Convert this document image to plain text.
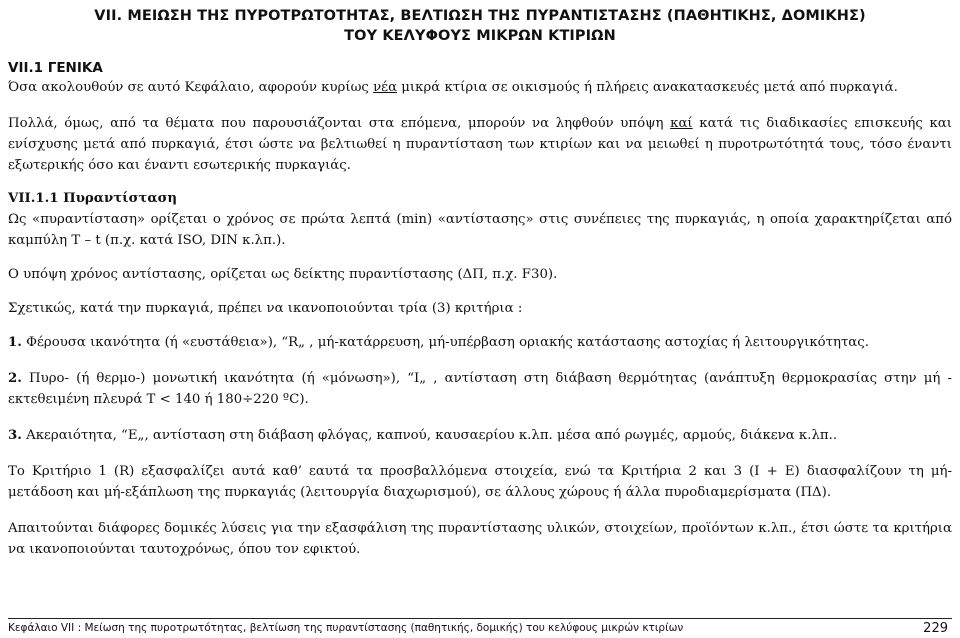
VII. ΜΕΙΩΣΗ ΤΗΣ ΠΥΡΟΤΡΩΤΟΤΗΤΑΣ, ΒΕΛΤΙΩΣΗ ΤΗΣ ΠΥΡΑΝΤΙΣΤΑΣΗΣ (ΠΑΘΗΤΙΚΗΣ, ΔΟΜΙΚΗΣ)
ΤΟΥ ΚΕΛΥΦΟΥΣ ΜΙΚΡΩΝ ΚΤΙΡΙΩΝ
VII.1 ΓΕΝΙΚΑ

Όσα ακολουθούν σε αυτό Κεφάλαιο, αφορούν κυρίως νέα μικρά κτίρια σε οικισμούς ή πλήρεις ανακατασκευές μετά από πυρκαγιά.

Πολλά, όμως, από τα θέματα που παρουσιάζονται στα επόμενα, μπορούν να ληφθούν υπόψη καί κατά τις διαδικασίες επισκευής και ενίσχυσης μετά από πυρκαγιά, έτσι ώστε να βελτιωθεί η πυραντίσταση των κτιρίων και να μειωθεί η πυροτρωτότητά τους, τόσο έναντι εξωτερικής όσο και έναντι εσωτερικής πυρκαγιάς.

VII.1.1 Πυραντίσταση

Ως «πυραντίσταση» ορίζεται ο χρόνος σε πρώτα λεπτά (min) «αντίστασης» στις συνέπειες της πυρκαγιάς, η οποία χαρακτηρίζεται από καμπύλη T – t (π.χ. κατά ISO, DIN κ.λπ.).

Ο υπόψη χρόνος αντίστασης, ορίζεται ως δείκτης πυραντίστασης (ΔΠ, π.χ. F30).

Σχετικώς, κατά την πυρκαγιά, πρέπει να ικανοποιούνται τρία (3) κριτήρια :

1. Φέρουσα ικανότητα (ή «ευστάθεια»), “R„ , μή-κατάρρευση, μή-υπέρβαση οριακής κατάστασης αστοχίας ή λειτουργικότητας.

2. Πυρο- (ή θερμο-) μονωτική ικανότητα (ή «μόνωση»), “I„ , αντίσταση στη διάβαση θερμότητας (ανάπτυξη θερμοκρασίας στην μή - εκτεθειμένη πλευρά T < 140 ή 180÷220 ºC).

3. Ακεραιότητα, “E„, αντίσταση στη διάβαση φλόγας, καπνού, καυσαερίου κ.λπ. μέσα από ρωγμές, αρμούς, διάκενα κ.λπ..

Το Κριτήριο 1 (R) εξασφαλίζει αυτά καθ’ εαυτά τα προσβαλλόμενα στοιχεία, ενώ τα Κριτήρια 2 και 3 (I + E) διασφαλίζουν τη μή-μετάδοση και μή-εξάπλωση της πυρκαγιάς (λειτουργία διαχωρισμού), σε άλλους χώρους ή άλλα πυροδιαμερίσματα (ΠΔ).

Απαιτούνται διάφορες δομικές λύσεις για την εξασφάλιση της πυραντίστασης υλικών, στοιχείων, προϊόντων κ.λπ., έτσι ώστε τα κριτήρια να ικανοποιούνται ταυτοχρόνως, όπου τον εφικτού.

Κεφάλαιο VII : Μείωση της πυροτρωτότητας, βελτίωση της πυραντίστασης (παθητικής, δομικής) του κελύφους μικρών κτιρίων	229
